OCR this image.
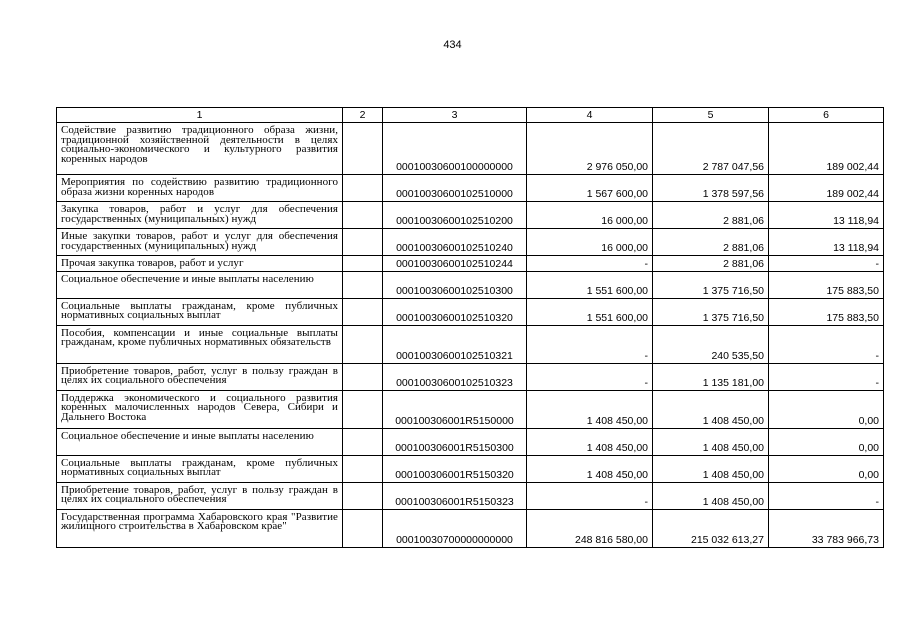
434
1	2	3	4	5	6
Содействие развитию традиционного образа жизни, традиционной хозяйственной деятельности в целях социально-экономического и культурного развития коренных народов		00010030600100000000	2 976 050,00	2 787 047,56	189 002,44
Мероприятия по содействию развитию традиционного образа жизни коренных народов		00010030600102510000	1 567 600,00	1 378 597,56	189 002,44
Закупка товаров, работ и услуг для обеспечения государственных (муниципальных) нужд		00010030600102510200	16 000,00	2 881,06	13 118,94
Иные закупки товаров, работ и услуг для обеспечения государственных (муниципальных) нужд		00010030600102510240	16 000,00	2 881,06	13 118,94
Прочая закупка товаров, работ и услуг		00010030600102510244	-	2 881,06	-
Социальное обеспечение и иные выплаты населению		00010030600102510300	1 551 600,00	1 375 716,50	175 883,50
Социальные выплаты гражданам, кроме публичных нормативных социальных выплат		00010030600102510320	1 551 600,00	1 375 716,50	175 883,50
Пособия, компенсации и иные социальные выплаты гражданам, кроме публичных нормативных обязательств		00010030600102510321	-	240 535,50	-
Приобретение товаров, работ, услуг в пользу граждан в целях их социального обеспечения		00010030600102510323	-	1 135 181,00	-
Поддержка экономического и социального развития коренных малочисленных народов Севера, Сибири и Дальнего Востока		000100306001R5150000	1 408 450,00	1 408 450,00	0,00
Социальное обеспечение и иные выплаты населению		000100306001R5150300	1 408 450,00	1 408 450,00	0,00
Социальные выплаты гражданам, кроме публичных нормативных социальных выплат		000100306001R5150320	1 408 450,00	1 408 450,00	0,00
Приобретение товаров, работ, услуг в пользу граждан в целях их социального обеспечения		000100306001R5150323	-	1 408 450,00	-
Государственная программа Хабаровского края "Развитие жилищного строительства в Хабаровском крае"		00010030700000000000	248 816 580,00	215 032 613,27	33 783 966,73
